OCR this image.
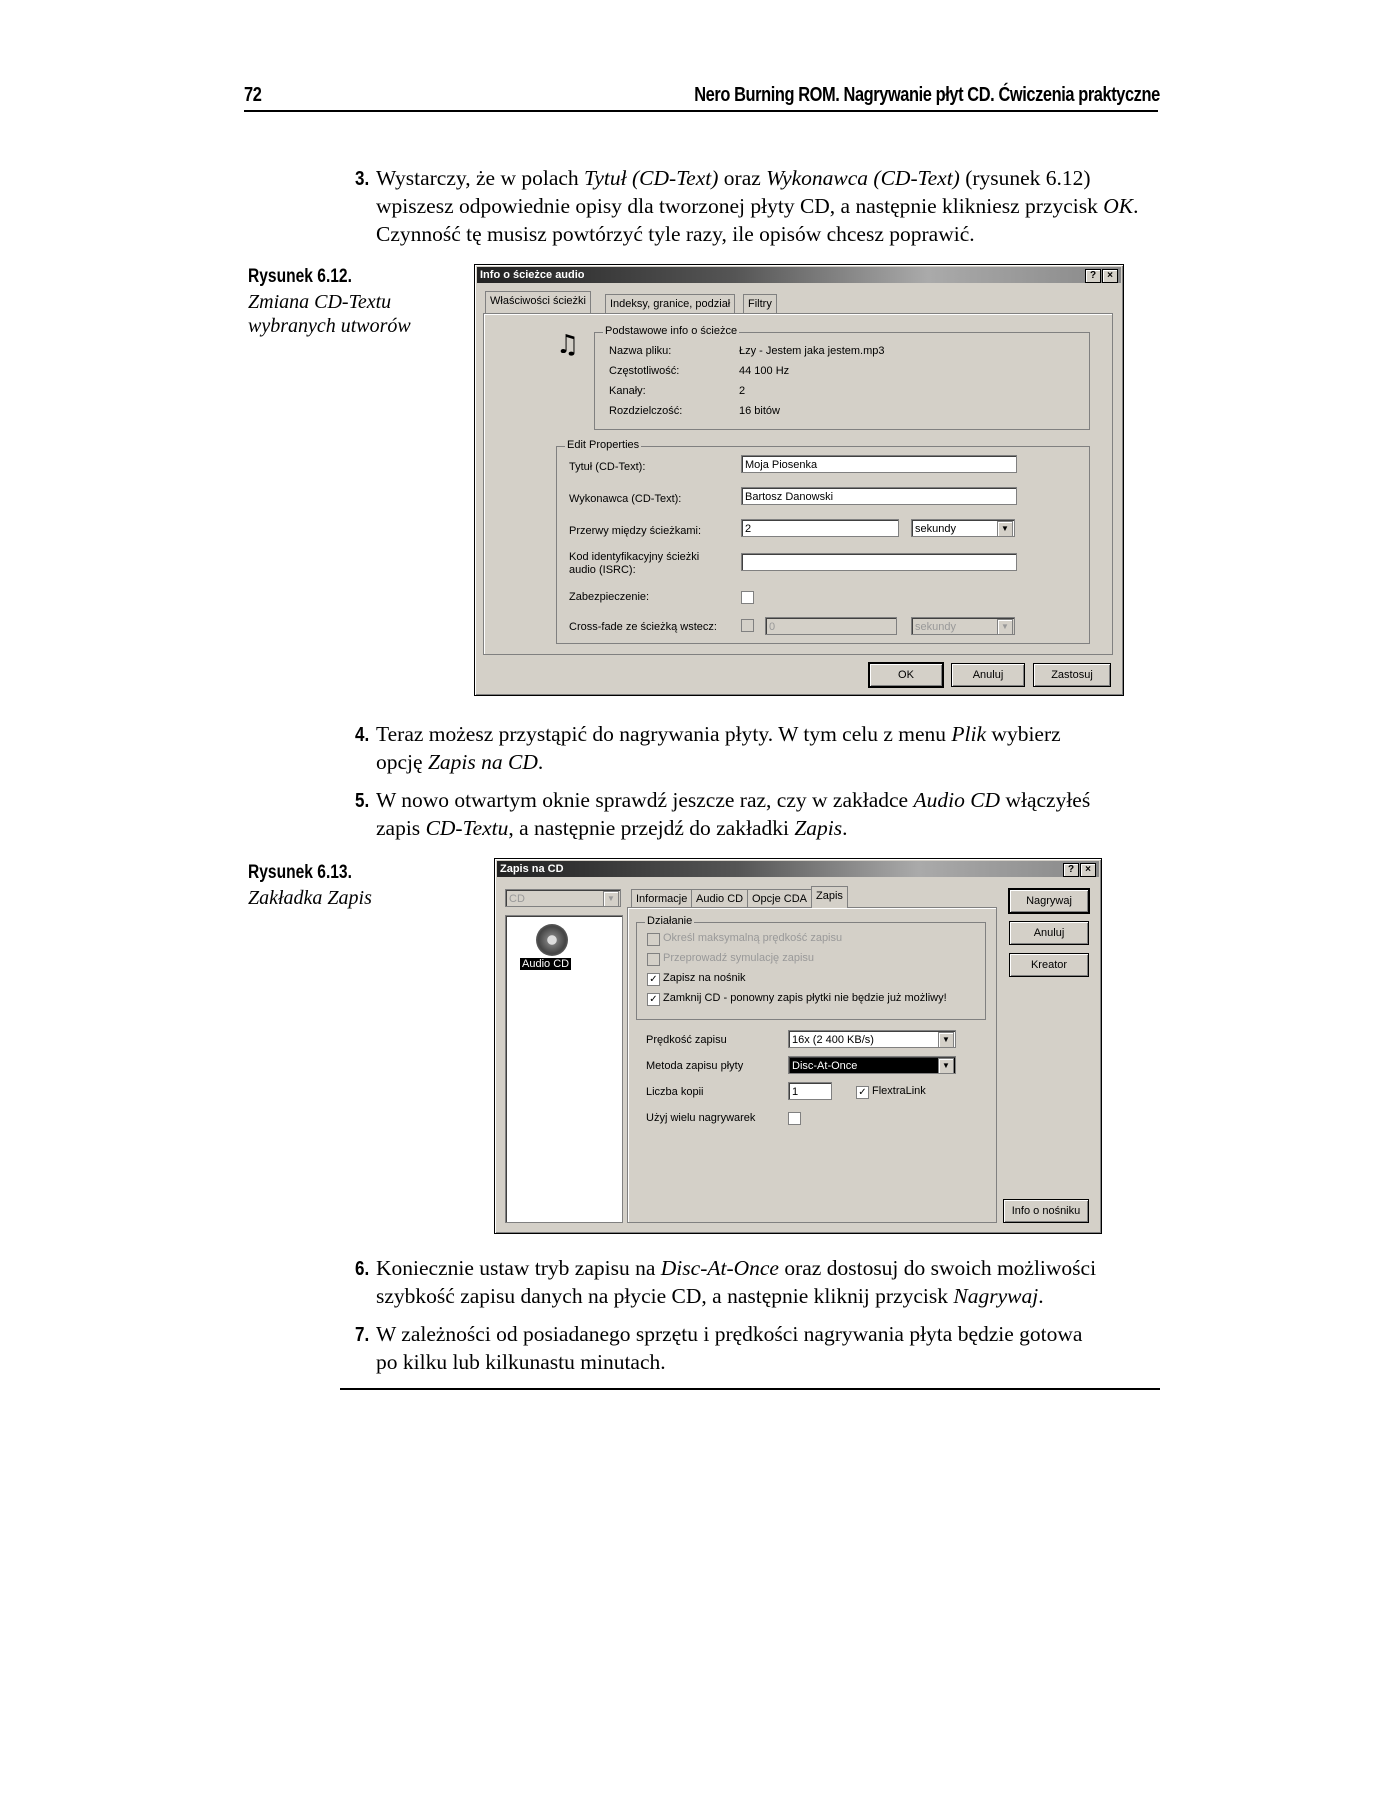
72	Nero Burning ROM. Nagrywanie płyt CD. Ćwiczenia praktyczne
3. Wystarczy, że w polach Tytuł (CD-Text) oraz Wykonawca (CD-Text) (rysunek 6.12)
wpiszesz odpowiednie opisy dla tworzonej płyty CD, a następnie klikniesz przycisk OK.
Czynność tę musisz powtórzyć tyle razy, ile opisów chcesz poprawić.
Rysunek 6.12.
Zmiana CD-Textu
wybranych utworów
Info o ścieżce audio	?	×
Właściwości ścieżki	Indeksy, granice, podział	Filtry
♫ Podstawowe info o ścieżce
Nazwa pliku:	Łzy - Jestem jaka jestem.mp3
Częstotliwość:	44 100 Hz
Kanały:	2
Rozdzielczość:	16 bitów
Edit Properties
Tytuł (CD-Text):	Moja Piosenka
Wykonawca (CD-Text):	Bartosz Danowski
Przerwy między ścieżkami:	2	sekundy	▼
Kod identyfikacyjny ścieżki
audio (ISRC):
Zabezpieczenie:
Cross-fade ze ścieżką wstecz:	0	sekundy	▼
OK	Anuluj	Zastosuj
4. Teraz możesz przystąpić do nagrywania płyty. W tym celu z menu Plik wybierz
opcję Zapis na CD.
5. W nowo otwartym oknie sprawdź jeszcze raz, czy w zakładce Audio CD włączyłeś
zapis CD-Textu, a następnie przejdź do zakładki Zapis.
Rysunek 6.13.
Zakładka Zapis
Zapis na CD	?	×
CD	▼
Audio CD
Informacje Audio CD Opcje CDA Zapis
Działanie
Określ maksymalną prędkość zapisu
Przeprowadź symulację zapisu
✓ Zapisz na nośnik
✓ Zamknij CD - ponowny zapis płytki nie będzie już możliwy!
Prędkość zapisu	16x (2 400 KB/s)	▼
Metoda zapisu płyty	Disc-At-Once	▼
Liczba kopii	1	✓ FlextraLink
Użyj wielu nagrywarek
Nagrywaj
Anuluj
Kreator
Info o nośniku
6. Koniecznie ustaw tryb zapisu na Disc-At-Once oraz dostosuj do swoich możliwości
szybkość zapisu danych na płycie CD, a następnie kliknij przycisk Nagrywaj.
7. W zależności od posiadanego sprzętu i prędkości nagrywania płyta będzie gotowa
po kilku lub kilkunastu minutach.
